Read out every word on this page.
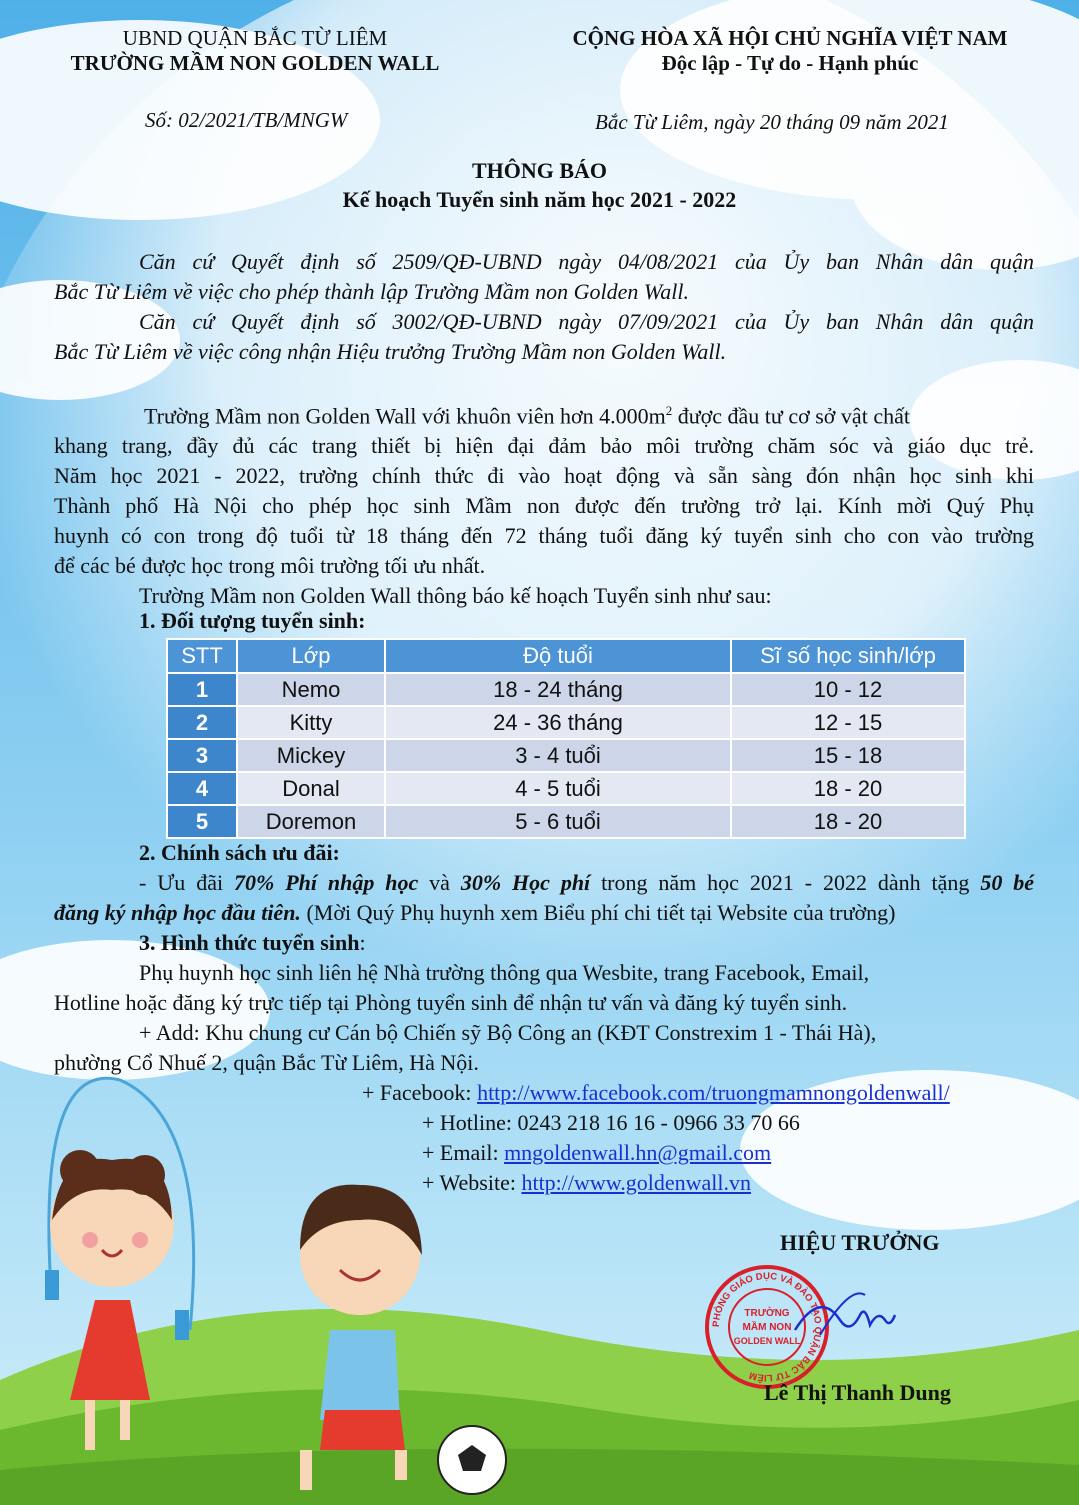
UBND QUẬN BẮC TỪ LIÊM
TRƯỜNG MẦM NON GOLDEN WALL
CỘNG HÒA XÃ HỘI CHỦ NGHĨA VIỆT NAM
Độc lập - Tự do - Hạnh phúc
Số: 02/2021/TB/MNGW	Bắc Từ Liêm, ngày 20 tháng 09 năm 2021
THÔNG BÁO
Kế hoạch Tuyển sinh năm học 2021 - 2022
Căn cứ Quyết định số 2509/QĐ-UBND ngày 04/08/2021 của Ủy ban Nhân dân quận
Bắc Từ Liêm về việc cho phép thành lập Trường Mầm non Golden Wall.
Căn cứ Quyết định số 3002/QĐ-UBND ngày 07/09/2021 của Ủy ban Nhân dân quận
Bắc Từ Liêm về việc công nhận Hiệu trưởng Trường Mầm non Golden Wall.
Trường Mầm non Golden Wall với khuôn viên hơn $4.000m^2$ được đầu tư cơ sở vật chất
khang trang, đầy đủ các trang thiết bị hiện đại đảm bảo môi trường chăm sóc và giáo dục trẻ.
Năm học 2021 - 2022, trường chính thức đi vào hoạt động và sẵn sàng đón nhận học sinh khi
Thành phố Hà Nội cho phép học sinh Mầm non được đến trường trở lại. Kính mời Quý Phụ
huynh có con trong độ tuổi từ 18 tháng đến 72 tháng tuổi đăng ký tuyển sinh cho con vào trường
để các bé được học trong môi trường tối ưu nhất.
Trường Mầm non Golden Wall thông báo kế hoạch Tuyển sinh như sau:
1. Đối tượng tuyển sinh:
STT	Lớp	Độ tuổi	Sĩ số học sinh/lớp
1	Nemo	18 - 24 tháng	10 - 12
2	Kitty	24 - 36 tháng	12 - 15
3	Mickey	3 - 4 tuổi	15 - 18
4	Donal	4 - 5 tuổi	18 - 20
5	Doremon	5 - 6 tuổi	18 - 20
2. Chính sách ưu đãi:
- Ưu đãi 70% Phí nhập học và 30% Học phí trong năm học 2021 - 2022 dành tặng 50 bé
đăng ký nhập học đầu tiên. (Mời Quý Phụ huynh xem Biểu phí chi tiết tại Website của trường)
3. Hình thức tuyển sinh:
Phụ huynh học sinh liên hệ Nhà trường thông qua Wesbite, trang Facebook, Email,
Hotline hoặc đăng ký trực tiếp tại Phòng tuyển sinh để nhận tư vấn và đăng ký tuyển sinh.
+ Add: Khu chung cư Cán bộ Chiến sỹ Bộ Công an (KĐT Constrexim 1 - Thái Hà),
phường Cổ Nhuế 2, quận Bắc Từ Liêm, Hà Nội.
+ Facebook: http://www.facebook.com/truongmamnongoldenwall/
+ Hotline: 0243 218 16 16 - 0966 33 70 66
+ Email: mngoldenwall.hn@gmail.com
+ Website: http://www.goldenwall.vn
HIỆU TRƯỞNG
PHÒNG GIÁO DỤC VÀ ĐÀO TẠO QUẬN BẮC TỪ LIÊM
TRƯỜNG
MẦM NON
GOLDEN WALL
Lê Thị Thanh Dung
